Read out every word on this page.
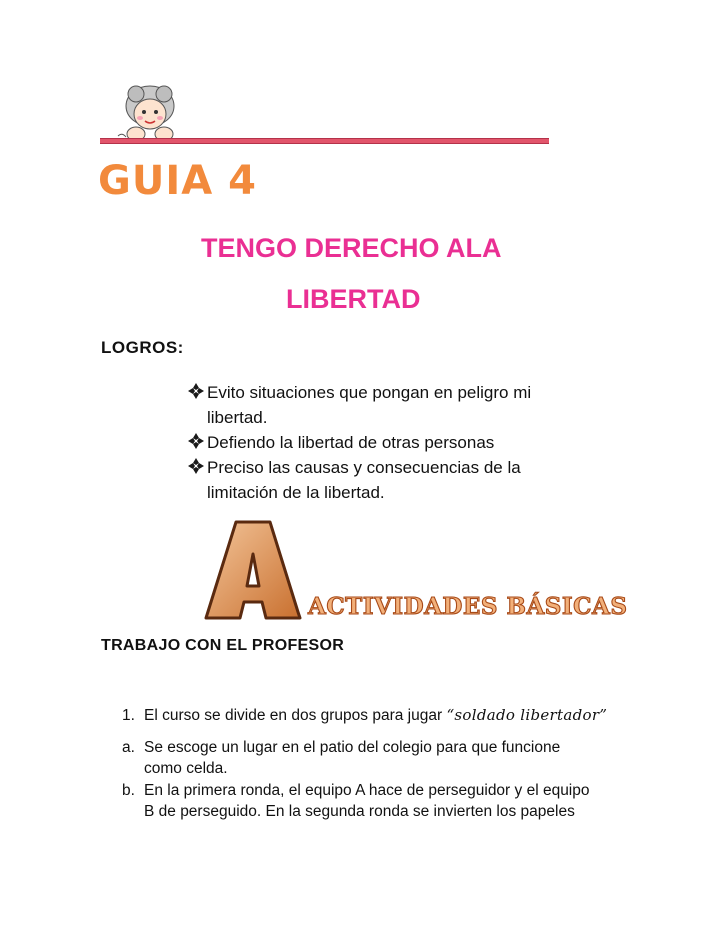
GUIA 4
TENGO DERECHO ALA
LIBERTAD
LOGROS:
Evito situaciones que pongan en peligro mi
libertad.
Defiendo la libertad de otras personas
Preciso las causas y consecuencias de la
limitación de la libertad.
A ACTIVIDADES BÁSICAS
TRABAJO CON EL PROFESOR
1. El curso se divide en dos grupos para jugar “soldado libertador”
a. Se escoge un lugar en el patio del colegio para que funcione
como celda.
b. En la primera ronda, el equipo A hace de perseguidor y el equipo
B de perseguido. En la segunda ronda se invierten los papeles
